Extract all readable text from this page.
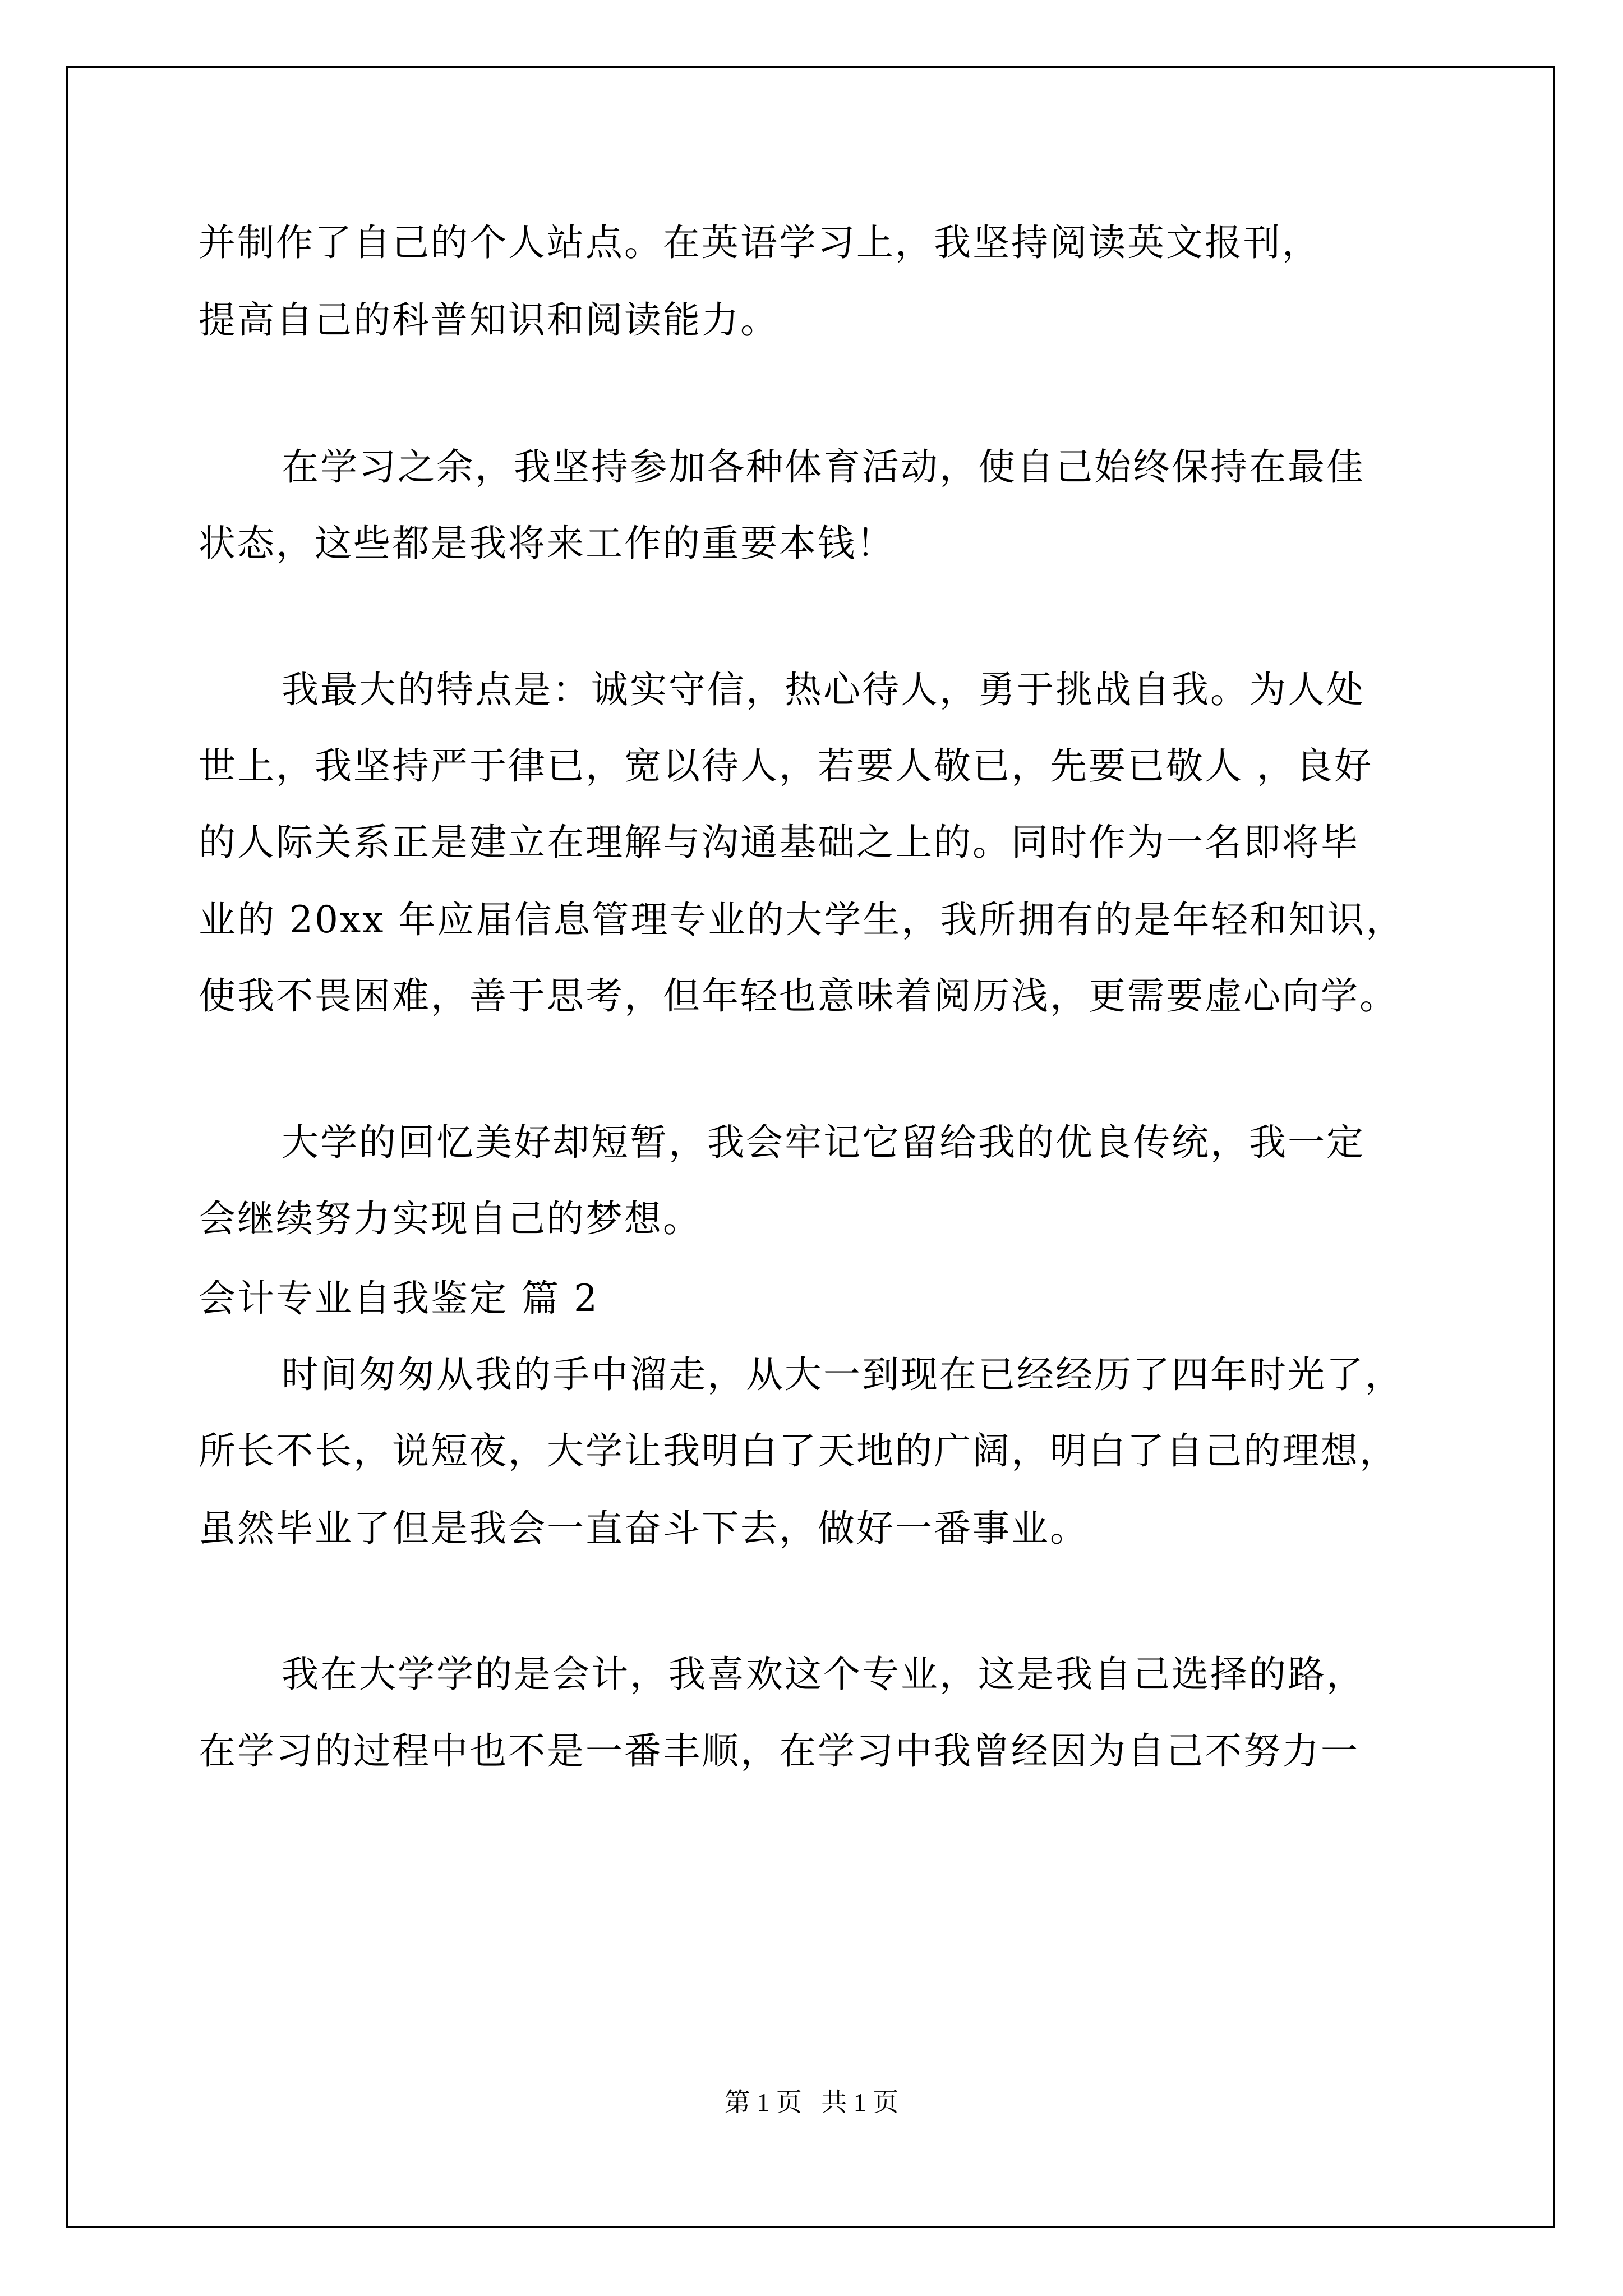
并制作了自己的个人站点。在英语学习上，我坚持阅读英文报刊，
提高自己的科普知识和阅读能力。
在学习之余，我坚持参加各种体育活动，使自己始终保持在最佳
状态，这些都是我将来工作的重要本钱！
我最大的特点是：诚实守信，热心待人，勇于挑战自我。为人处
世上，我坚持严于律已，宽以待人，若要人敬已，先要已敬人 ，良好
的人际关系正是建立在理解与沟通基础之上的。同时作为一名即将毕
业的 20xx 年应届信息管理专业的大学生，我所拥有的是年轻和知识，
使我不畏困难，善于思考，但年轻也意味着阅历浅，更需要虚心向学。
大学的回忆美好却短暂，我会牢记它留给我的优良传统，我一定
会继续努力实现自己的梦想。
会计专业自我鉴定 篇 2
时间匆匆从我的手中溜走，从大一到现在已经经历了四年时光了，
所长不长，说短夜，大学让我明白了天地的广阔，明白了自己的理想，
虽然毕业了但是我会一直奋斗下去，做好一番事业。
我在大学学的是会计，我喜欢这个专业，这是我自己选择的路，
在学习的过程中也不是一番丰顺，在学习中我曾经因为自己不努力一
第 1 页   共 1 页
